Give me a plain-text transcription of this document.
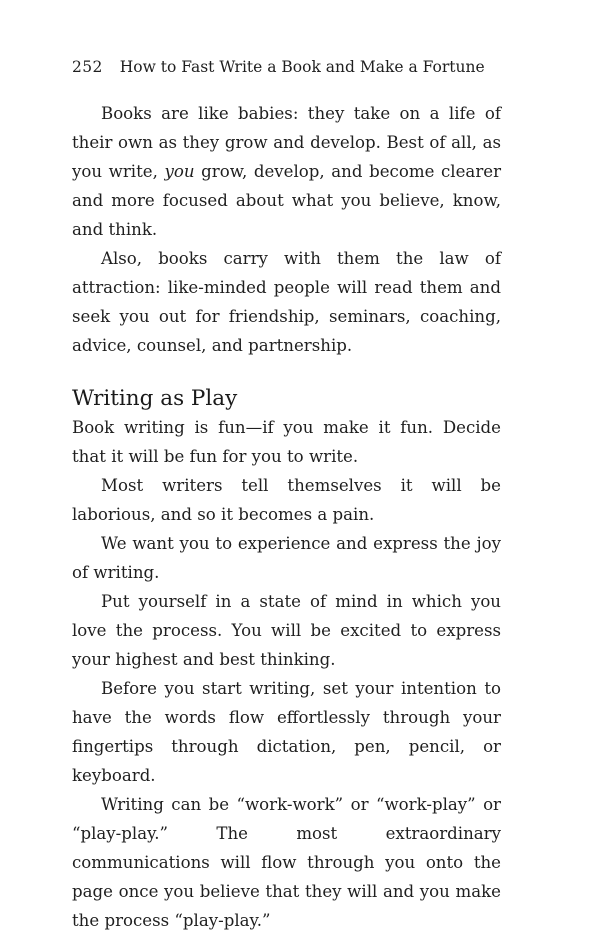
252 How to Fast Write a Book and Make a Fortune

Books are like babies: they take on a life of their own as they grow and develop. Best of all, as you write, you grow, develop, and become clearer and more focused about what you believe, know, and think.

Also, books carry with them the law of attraction: like-minded people will read them and seek you out for friendship, seminars, coaching, advice, counsel, and partnership.

Writing as Play

Book writing is fun—if you make it fun. Decide that it will be fun for you to write.

Most writers tell themselves it will be laborious, and so it becomes a pain.

We want you to experience and express the joy of writing.

Put yourself in a state of mind in which you love the process. You will be excited to express your highest and best thinking.

Before you start writing, set your intention to have the words flow effortlessly through your fingertips through dictation, pen, pencil, or keyboard.

Writing can be “work-work” or “work-play” or “play-play.” The most extraordinary communications will flow through you onto the page once you believe that they will and you make the process “play-play.”
